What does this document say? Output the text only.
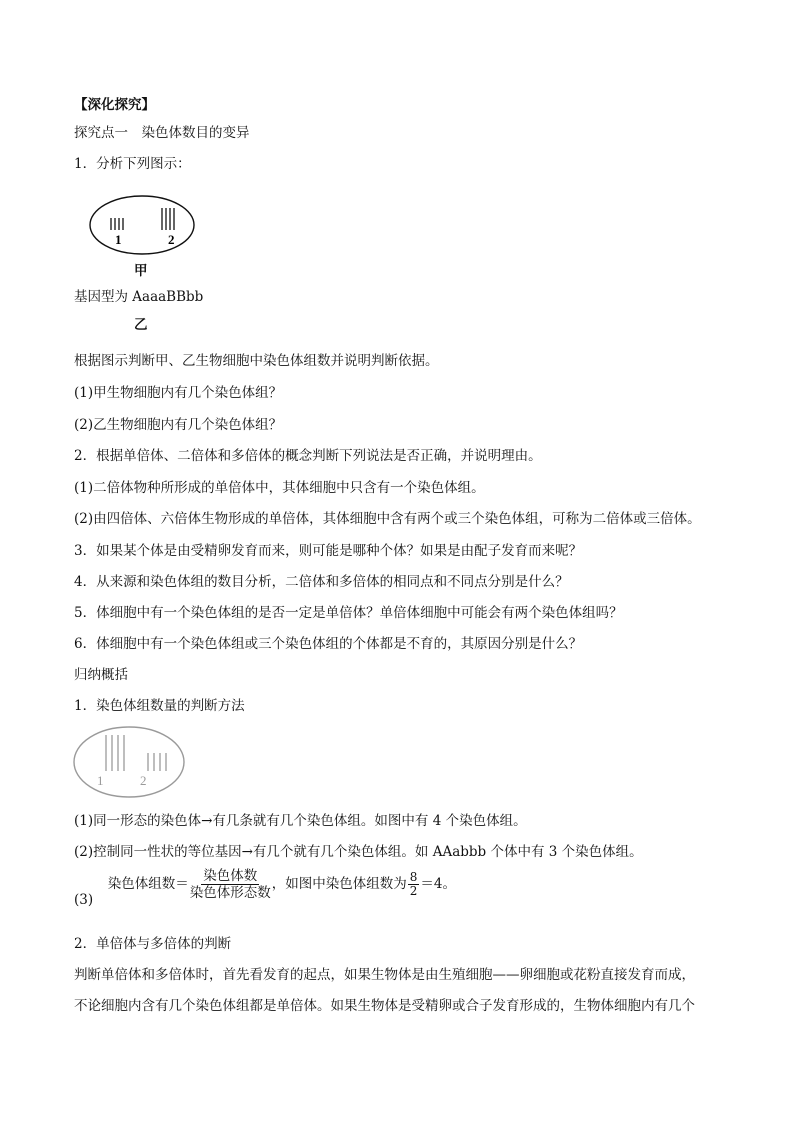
【深化探究】
探究点一　染色体数目的变异
1．分析下列图示：
1	2
甲
基因型为 AaaaBBbb
乙
根据图示判断甲、乙生物细胞中染色体组数并说明判断依据。
(1)甲生物细胞内有几个染色体组？
(2)乙生物细胞内有几个染色体组？
2．根据单倍体、二倍体和多倍体的概念判断下列说法是否正确，并说明理由。
(1)二倍体物种所形成的单倍体中，其体细胞中只含有一个染色体组。
(2)由四倍体、六倍体生物形成的单倍体，其体细胞中含有两个或三个染色体组，可称为二倍体或三倍体。
3．如果某个体是由受精卵发育而来，则可能是哪种个体？如果是由配子发育而来呢？
4．从来源和染色体组的数目分析，二倍体和多倍体的相同点和不同点分别是什么？
5．体细胞中有一个染色体组的是否一定是单倍体？单倍体细胞中可能会有两个染色体组吗？
6．体细胞中有一个染色体组或三个染色体组的个体都是不育的，其原因分别是什么？
归纳概括
1．染色体组数量的判断方法
1	2
(1)同一形态的染色体→有几条就有几个染色体组。如图中有 4 个染色体组。
(2)控制同一性状的等位基因→有几个就有几个染色体组。如 AAabbb 个体中有 3 个染色体组。
(3)  染色体组数＝ $\frac{\text{染色体数}}{\text{染色体形态数}}$ ，如图中染色体组数为 $\frac{8}{2} =4$。
2．单倍体与多倍体的判断
判断单倍体和多倍体时，首先看发育的起点，如果生物体是由生殖细胞——卵细胞或花粉直接发育而成，
不论细胞内含有几个染色体组都是单倍体。如果生物体是受精卵或合子发育形成的，生物体细胞内有几个
